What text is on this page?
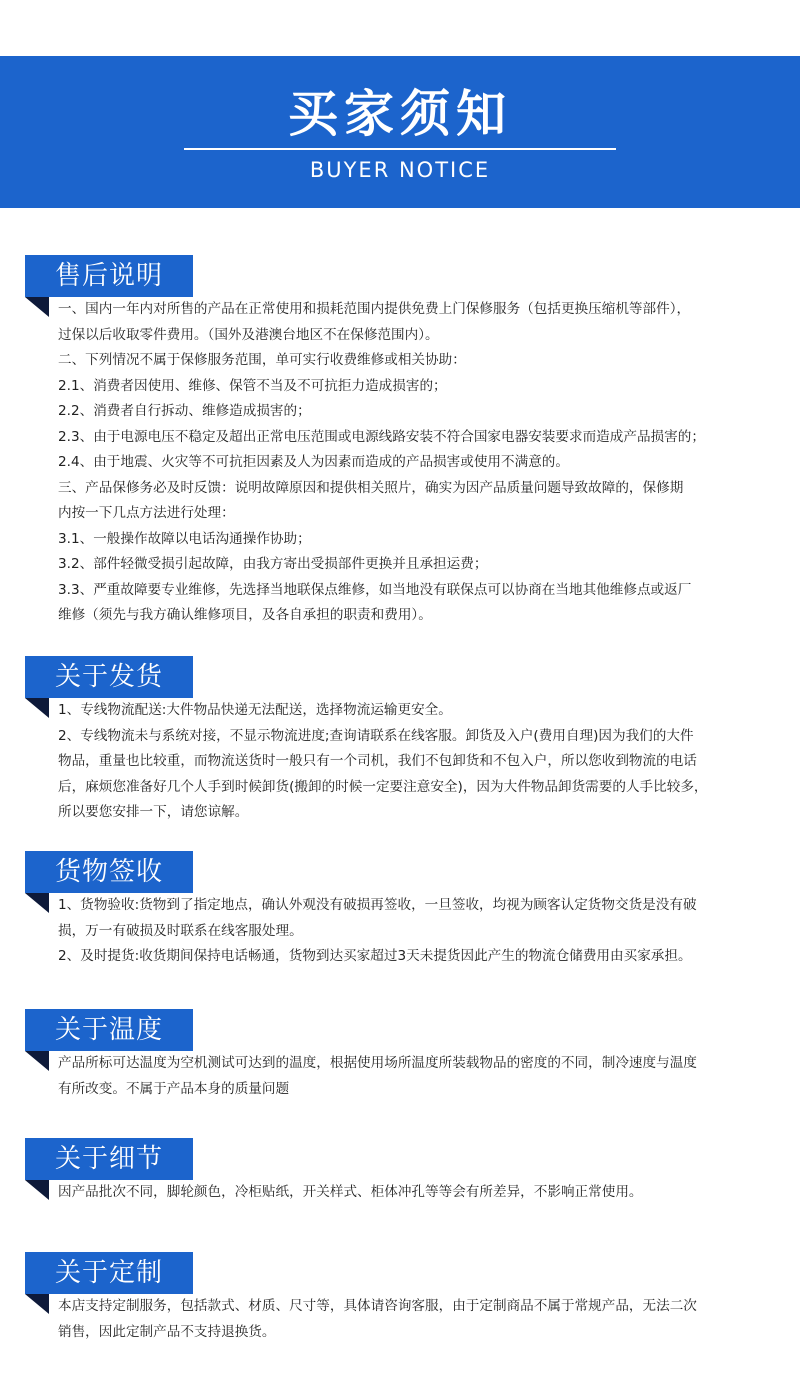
买家须知
BUYER NOTICE
售后说明

一、国内一年内对所售的产品在正常使用和损耗范围内提供免费上门保修服务（包括更换压缩机等部件），

过保以后收取零件费用。（国外及港澳台地区不在保修范围内）。

二、下列情况不属于保修服务范围，单可实行收费维修或相关协助：

2.1、消费者因使用、维修、保管不当及不可抗拒力造成损害的；

2.2、消费者自行拆动、维修造成损害的；

2.3、由于电源电压不稳定及超出正常电压范围或电源线路安装不符合国家电器安装要求而造成产品损害的；

2.4、由于地震、火灾等不可抗拒因素及人为因素而造成的产品损害或使用不满意的。

三、产品保修务必及时反馈：说明故障原因和提供相关照片，确实为因产品质量问题导致故障的，保修期

内按一下几点方法进行处理：

3.1、一般操作故障以电话沟通操作协助；

3.2、部件轻微受损引起故障，由我方寄出受损部件更换并且承担运费；

3.3、严重故障要专业维修，先选择当地联保点维修，如当地没有联保点可以协商在当地其他维修点或返厂

维修（须先与我方确认维修项目，及各自承担的职责和费用）。

关于发货

1、专线物流配送:大件物品快递无法配送，选择物流运输更安全。

2、专线物流未与系统对接，不显示物流进度;查询请联系在线客服。卸货及入户(费用自理)因为我们的大件

物品，重量也比较重，而物流送货时一般只有一个司机，我们不包卸货和不包入户，所以您收到物流的电话

后，麻烦您准备好几个人手到时候卸货(搬卸的时候一定要注意安全)，因为大件物品卸货需要的人手比较多，

所以要您安排一下，请您谅解。

货物签收

1、货物验收:货物到了指定地点，确认外观没有破损再签收，一旦签收，均视为顾客认定货物交货是没有破

损，万一有破损及时联系在线客服处理。

2、及时提货:收货期间保持电话畅通，货物到达买家超过3天未提货因此产生的物流仓储费用由买家承担。

关于温度

产品所标可达温度为空机测试可达到的温度，根据使用场所温度所装载物品的密度的不同，制冷速度与温度

有所改变。不属于产品本身的质量问题

关于细节

因产品批次不同，脚轮颜色，冷柜贴纸，开关样式、柜体冲孔等等会有所差异，不影响正常使用。

关于定制

本店支持定制服务，包括款式、材质、尺寸等，具体请咨询客服，由于定制商品不属于常规产品，无法二次

销售，因此定制产品不支持退换货。
